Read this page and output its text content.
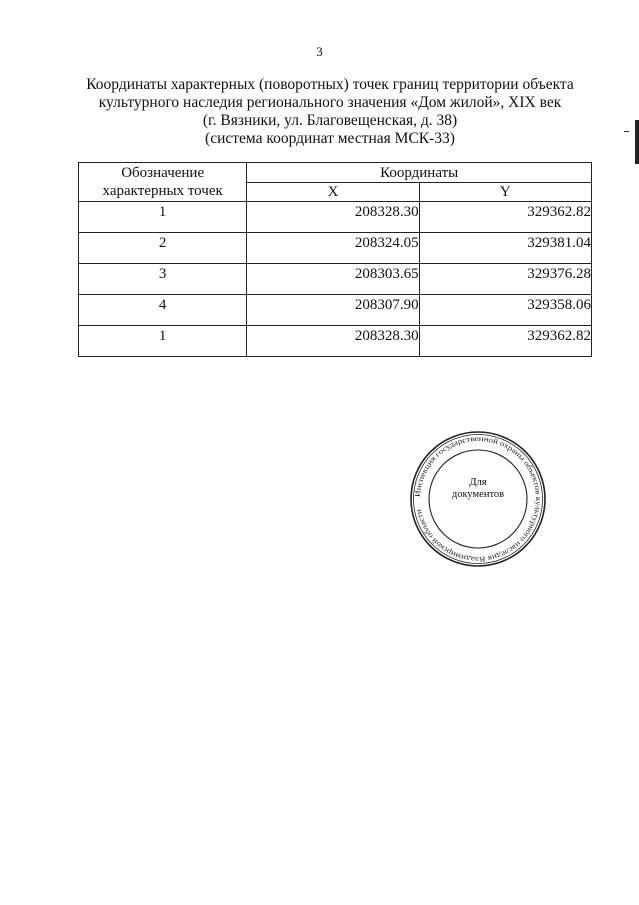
3
Координаты характерных (поворотных) точек границ территории объекта
культурного наследия регионального значения «Дом жилой», XIX век
(г. Вязники, ул. Благовещенская, д. 38)
(система координат местная МСК-33)
Обозначение характерных точек	Координаты	
	X	Y
1	208328.30	329362.82
2	208324.05	329381.04
3	208303.65	329376.28
4	208307.90	329358.06
1	208328.30	329362.82
Инспекция государственной охраны объектов культурного наследия Владимирской области
Для
документов
